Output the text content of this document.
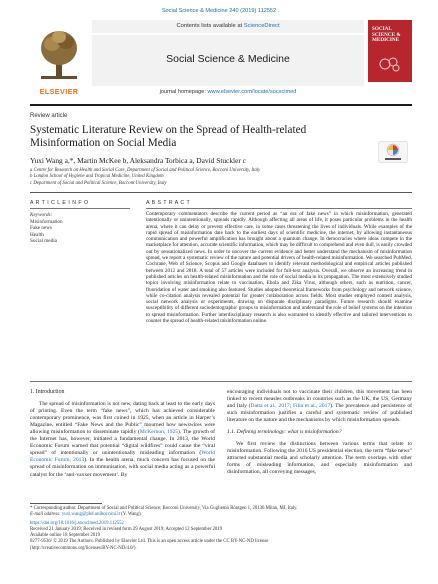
Social Science & Medicine 240 (2019) 112552
ELSEVIER
Contents lists available at ScienceDirect
Social Science & Medicine
journal homepage: www.elsevier.com/locate/socscimed
SOCIAL SCIENCE & MEDICINE
Review article
Systematic Literature Review on the Spread of Health-related Misinformation on Social Media
Yuxi Wang a,*, Martin McKee b, Aleksandra Torbica a, David Stuckler c
a Centre for Research on Health and Social Care, Department of Social and Political Science, Bocconi University, Italy
b London School of Hygiene and Tropical Medicine, United Kingdom
c Department of Social and Political Science, Bocconi University, Italy
A R T I C L E I N F O	A B S T R A C T
Keywords:
Misinformation
Fake news
Health
Social media
Contemporary commentators describe the current period as “an era of fake news” in which misinformation, generated intentionally or unintentionally, spreads rapidly. Although affecting all areas of life, it poses particular problems in the health arena, where it can delay or prevent effective care, in some cases threatening the lives of individuals. While examples of the rapid spread of misinformation date back to the earliest days of scientific medicine, the internet, by allowing instantaneous communication and powerful amplification has brought about a quantum change. In democracies where ideas compete in the marketplace for attention, accurate scientific information, which may be difficult to comprehend and even dull, is easily crowded out by sensationalized news. In order to uncover the current evidence and better understand the mechanism of misinformation spread, we report a systematic review of the nature and potential drivers of health-related misinformation. We searched PubMed, Cochrane, Web of Science, Scopus and Google databases to identify relevant methodological and empirical articles published between 2012 and 2018. A total of 57 articles were included for full-text analysis. Overall, we observe an increasing trend in published articles on health-related misinformation and the role of social media in its propagation. The most extensively studied topics involving misinformation relate to vaccination, Ebola and Zika Virus, although others, such as nutrition, cancer, fluoridation of water and smoking also featured. Studies adopted theoretical frameworks from psychology and network science, while co-citation analysis revealed potential for greater collaboration across fields. Most studies employed content analysis, social network analysis or experiments, drawing on disparate disciplinary paradigms. Future research should examine susceptibility of different sociodemographic groups to misinformation and understand the role of belief systems on the intention to spread misinformation. Further interdisciplinary research is also warranted to identify effective and tailored interventions to counter the spread of health-related misinformation online.
1. Introduction
The spread of misinformation is not new, dating back at least to the early days of printing. Even the term “fake news”, which has achieved considerable contemporary prominence, was first coined in 1925, when an article in Harper’s Magazine, entitled “Fake News and the Public” mourned how newswires were allowing misinformation to disseminate rapidly (McKernon, 1925). The growth of the Internet has, however, initiated a fundamental change. In 2013, the World Economic Forum warned that potential “digital wildfires” could cause the “viral spread” of intentionally or unintentionally misleading information (World Economic Forum, 2013). In the health arena, much concern has focused on the spread of misinformation on immunisation, with social media acting as a powerful catalyst for the ‘anti-vaxxer movement’. By
encouraging individuals not to vaccinate their children, this movement has been linked to recent measles outbreaks in countries such as the UK, the US, Germany and Italy (Datta et al., 2017; Filia et al., 2017). The prevalence and persistence of such misinformation justifies a careful and systematic review of published literature on the nature and the mechanisms by which misinformation spreads.
1.1. Defining terminology: what is misinformation?
We first review the distinctions between various terms that relate to misinformation. Following the 2016 US presidential election, the term “fake news” attracted substantial media and scholarly attention. The term overlaps with other forms of misleading information, and especially misinformation and disinformation, all conveying messages,
* Corresponding author. Department of Social and Political Science, Bocconi University, Via Gugliemò Röntgen 1, 20136 Milan, MI, Italy.
E-mail address: yuxi.wang@phd.unibocconi.it (Y. Wang).
https://doi.org/10.1016/j.socscimed.2019.112552
Received 21 January 2019; Received in revised form 29 August 2019; Accepted 12 September 2019
Available online 18 September 2019
0277-9536/ © 2019 The Authors. Published by Elsevier Ltd. This is an open access article under the CC BY-NC-ND license
(http://creativecommons.org/licenses/BY-NC-ND/4.0/).
